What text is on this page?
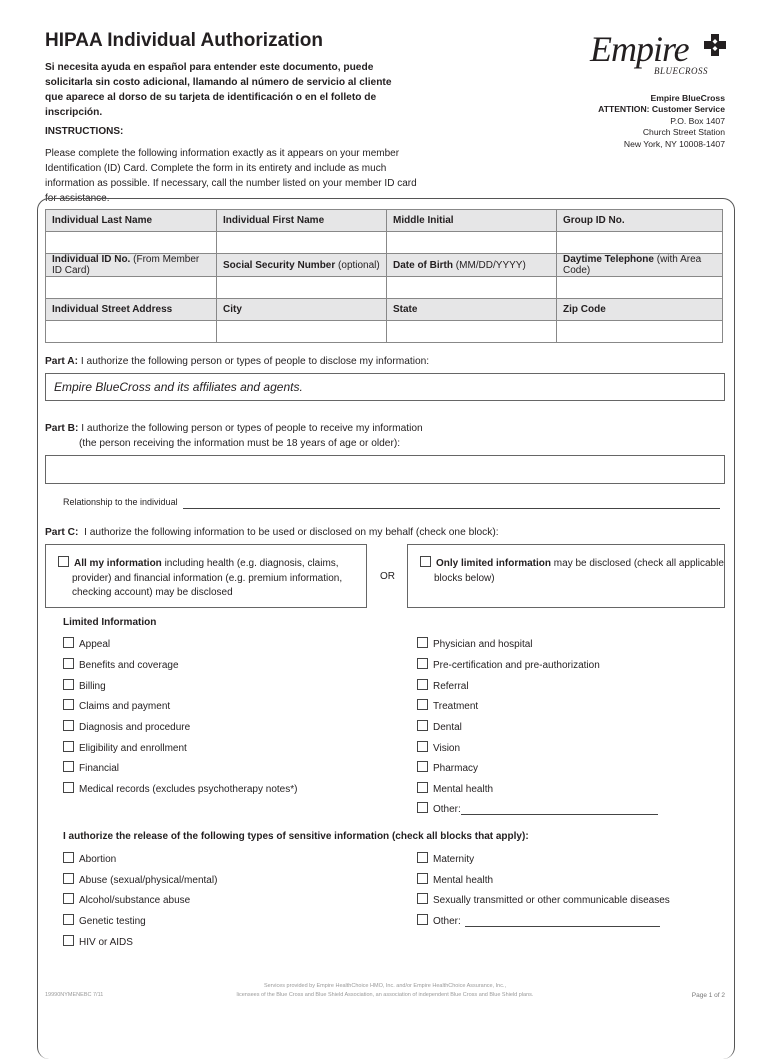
HIPAA Individual Authorization
Si necesita ayuda en español para entender este documento, puede solicitarla sin costo adicional, llamando al número de servicio al cliente que aparece al dorso de su tarjeta de identificación o en el folleto de inscripción.
Empire
BLUECROSS
Empire BlueCross
ATTENTION: Customer Service
P.O. Box 1407
Church Street Station
New York, NY 10008-1407
INSTRUCTIONS:
Please complete the following information exactly as it appears on your member Identification (ID) Card. Complete the form in its entirety and include as much information as possible. If necessary, call the number listed on your member ID card for assistance.
Individual Last Name	Individual First Name	Middle Initial	Group ID No.

Individual ID No. (From Member ID Card)	Social Security Number (optional)	Date of Birth (MM/DD/YYYY)	Daytime Telephone (with Area Code)

Individual Street Address	City	State	Zip Code

Part A: I authorize the following person or types of people to disclose my information:
Empire BlueCross and its affiliates and agents.
Part B: I authorize the following person or types of people to receive my information
(the person receiving the information must be 18 years of age or older):
Relationship to the individual
Part C: I authorize the following information to be used or disclosed on my behalf (check one block):
All my information including health (e.g. diagnosis, claims,
provider) and financial information (e.g. premium information,
checking account) may be disclosed
OR
Only limited information may be disclosed (check all applicable
blocks below)
Limited Information
Appeal
Benefits and coverage
Billing
Claims and payment
Diagnosis and procedure
Eligibility and enrollment
Financial
Medical records (excludes psychotherapy notes*)
Physician and hospital
Pre-certification and pre-authorization
Referral
Treatment
Dental
Vision
Pharmacy
Mental health
Other:
I authorize the release of the following types of sensitive information (check all blocks that apply):
Abortion
Abuse (sexual/physical/mental)
Alcohol/substance abuse
Genetic testing
HIV or AIDS
Maternity
Mental health
Sexually transmitted or other communicable diseases
Other:
19990NYMENEBC 7/11
Services provided by Empire HealthChoice HMO, Inc. and/or Empire HealthChoice Assurance, Inc.,
licensees of the Blue Cross and Blue Shield Association, an association of independent Blue Cross and Blue Shield plans.	Page 1 of 2
